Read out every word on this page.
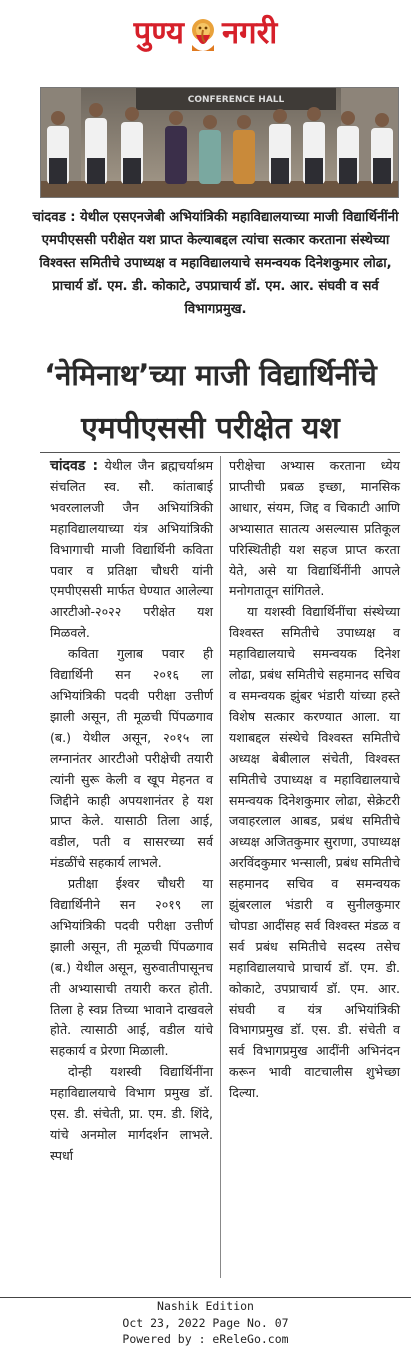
पुण्य नगरी
CONFERENCE HALL

चांदवड : येथील एसएनजेबी अभियांत्रिकी महाविद्यालयाच्या माजी विद्यार्थिनींनी एमपीएससी परीक्षेत यश प्राप्त केल्याबद्दल त्यांचा सत्कार करताना संस्थेच्या विश्वस्त समितीचे उपाध्यक्ष व महाविद्यालयाचे समन्वयक दिनेशकुमार लोढा, प्राचार्य डॉ. एम. डी. कोकाटे, उपप्राचार्य डॉ. एम. आर. संघवी व सर्व विभागप्रमुख.

‘नेमिनाथ’च्या माजी विद्यार्थिनींचे
एमपीएससी परीक्षेत यश

चांदवड : येथील जैन ब्रह्मचर्याश्रम संचलित स्व. सौ. कांताबाई भवरलालजी जैन अभियांत्रिकी महाविद्यालयाच्या यंत्र अभियांत्रिकी विभागाची माजी विद्यार्थिनी कविता पवार व प्रतिक्षा चौधरी यांनी एमपीएससी मार्फत घेण्यात आलेल्या आरटीओ-२०२२ परीक्षेत यश मिळवले.

कविता गुलाब पवार ही विद्यार्थिनी सन २०१६ ला अभियांत्रिकी पदवी परीक्षा उत्तीर्ण झाली असून, ती मूळची पिंपळगाव (ब.) येथील असून, २०१५ ला लग्नानंतर आरटीओ परीक्षेची तयारी त्यांनी सुरू केली व खूप मेहनत व जिद्दीने काही अपयशानंतर हे यश प्राप्त केले. यासाठी तिला आई, वडील, पती व सासरच्या सर्व मंडळींचे सहकार्य लाभले.

प्रतीक्षा ईश्वर चौधरी या विद्यार्थिनीने सन २०१९ ला अभियांत्रिकी पदवी परीक्षा उत्तीर्ण झाली असून, ती मूळची पिंपळगाव (ब.) येथील असून, सुरुवातीपासूनच ती अभ्यासाची तयारी करत होती. तिला हे स्वप्न तिच्या भावाने दाखवले होते. त्यासाठी आई, वडील यांचे सहकार्य व प्रेरणा मिळाली.

दोन्ही यशस्वी विद्यार्थिनींना महाविद्यालयाचे विभाग प्रमुख डॉ. एस. डी. संचेती, प्रा. एम. डी. शिंदे, यांचे अनमोल मार्गदर्शन लाभले. स्पर्धा

परीक्षेचा अभ्यास करताना ध्येय प्राप्तीची प्रबळ इच्छा, मानसिक आधार, संयम, जिद्द व चिकाटी आणि अभ्यासात सातत्य असल्यास प्रतिकूल परिस्थितीही यश सहज प्राप्त करता येते, असे या विद्यार्थिनींनी आपले मनोगतातून सांगितले.

या यशस्वी विद्यार्थिनींचा संस्थेच्या विश्वस्त समितीचे उपाध्यक्ष व महाविद्यालयाचे समन्वयक दिनेश लोढा, प्रबंध समितीचे सहमानद सचिव व समन्वयक झुंबर भंडारी यांच्या हस्ते विशेष सत्कार करण्यात आला. या यशाबद्दल संस्थेचे विश्वस्त समितीचे अध्यक्ष बेबीलाल संचेती, विश्वस्त समितीचे उपाध्यक्ष व महाविद्यालयाचे समन्वयक दिनेशकुमार लोढा, सेक्रेटरी जवाहरलाल आबड, प्रबंध समितीचे अध्यक्ष अजितकुमार सुराणा, उपाध्यक्ष अरविंदकुमार भन्साली, प्रबंध समितीचे सहमानद सचिव व समन्वयक झुंबरलाल भंडारी व सुनीलकुमार चोपडा आदींसह सर्व विश्वस्त मंडळ व सर्व प्रबंध समितीचे सदस्य तसेच महाविद्यालयाचे प्राचार्य डॉ. एम. डी. कोकाटे, उपप्राचार्य डॉ. एम. आर. संघवी व यंत्र अभियांत्रिकी विभागप्रमुख डॉ. एस. डी. संचेती व सर्व विभागप्रमुख आदींनी अभिनंदन करून भावी वाटचालीस शुभेच्छा दिल्या.

Nashik Edition
Oct 23, 2022 Page No. 07
Powered by : eReleGo.com
